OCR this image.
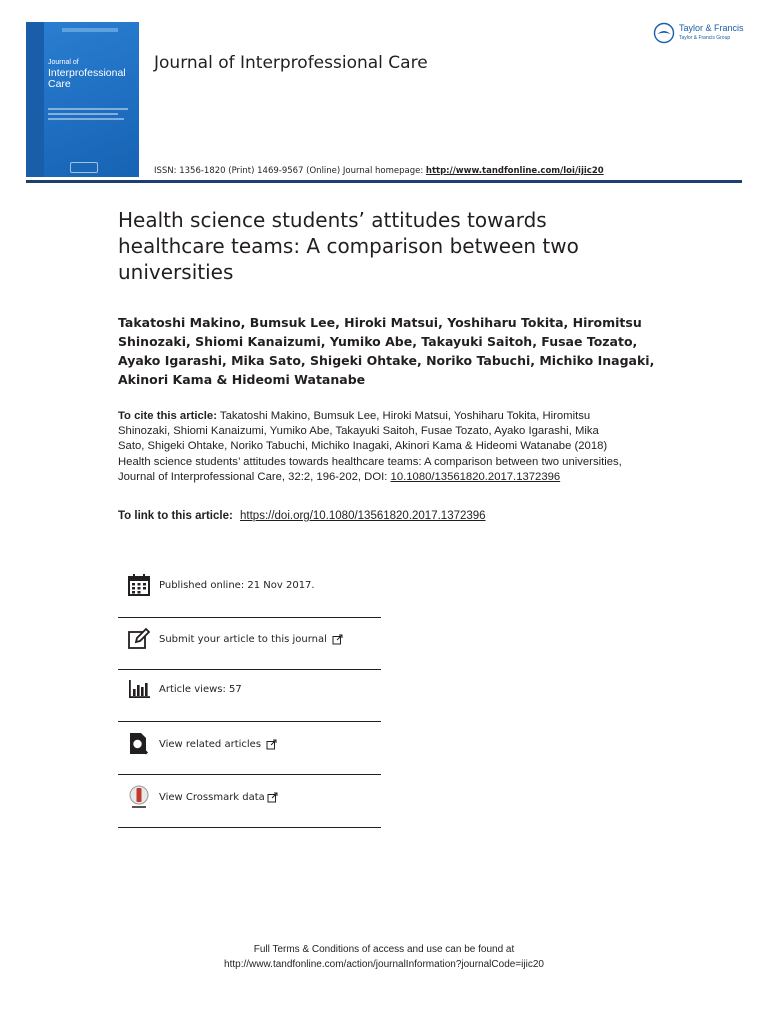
Journal of
Interprofessional Care
Journal of Interprofessional Care
Taylor & Francis
Taylor & Francis Group
ISSN: 1356-1820 (Print) 1469-9567 (Online) Journal homepage: http://www.tandfonline.com/loi/ijic20
Health science students’ attitudes towards healthcare teams: A comparison between two universities
Takatoshi Makino, Bumsuk Lee, Hiroki Matsui, Yoshiharu Tokita, Hiromitsu Shinozaki, Shiomi Kanaizumi, Yumiko Abe, Takayuki Saitoh, Fusae Tozato, Ayako Igarashi, Mika Sato, Shigeki Ohtake, Noriko Tabuchi, Michiko Inagaki, Akinori Kama & Hideomi Watanabe
To cite this article: Takatoshi Makino, Bumsuk Lee, Hiroki Matsui, Yoshiharu Tokita, Hiromitsu Shinozaki, Shiomi Kanaizumi, Yumiko Abe, Takayuki Saitoh, Fusae Tozato, Ayako Igarashi, Mika Sato, Shigeki Ohtake, Noriko Tabuchi, Michiko Inagaki, Akinori Kama & Hideomi Watanabe (2018) Health science students’ attitudes towards healthcare teams: A comparison between two universities, Journal of Interprofessional Care, 32:2, 196-202, DOI: 10.1080/13561820.2017.1372396
To link to this article: https://doi.org/10.1080/13561820.2017.1372396
Published online: 21 Nov 2017.
Submit your article to this journal
Article views: 57
View related articles
View Crossmark data
Full Terms & Conditions of access and use can be found at
http://www.tandfonline.com/action/journalInformation?journalCode=ijic20
